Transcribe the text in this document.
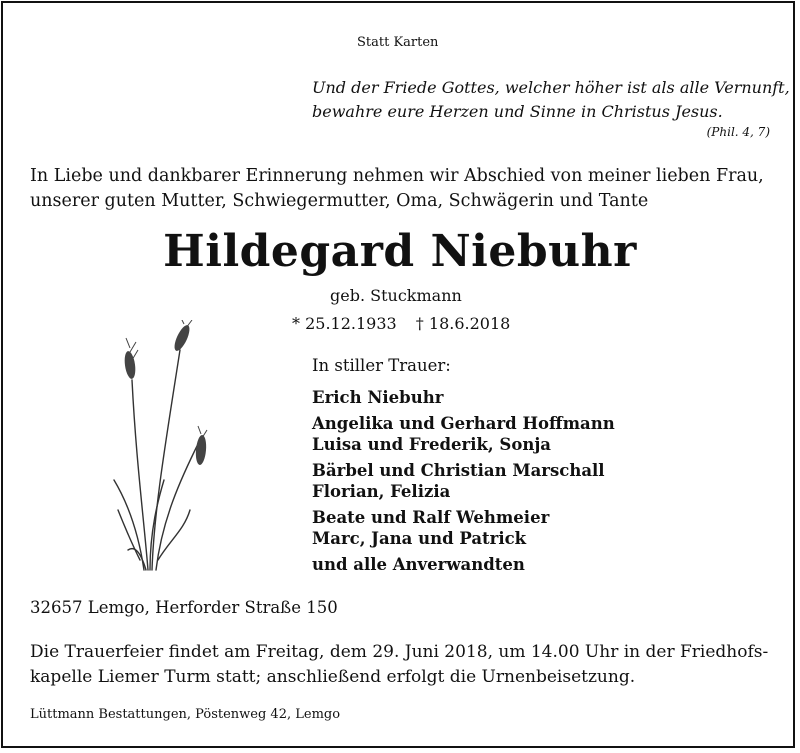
Statt Karten
Und der Friede Gottes, welcher höher ist als alle Vernunft,
bewahre eure Herzen und Sinne in Christus Jesus.
(Phil. 4, 7)
In Liebe und dankbarer Erinnerung nehmen wir Abschied von meiner lieben Frau,
unserer guten Mutter, Schwiegermutter, Oma, Schwägerin und Tante
Hildegard Niebuhr
geb. Stuckmann
* 25.12.1933 † 18.6.2018
In stiller Trauer:
Erich Niebuhr
Angelika und Gerhard Hoffmann
Luisa und Frederik, Sonja
Bärbel und Christian Marschall
Florian, Felizia
Beate und Ralf Wehmeier
Marc, Jana und Patrick
und alle Anverwandten
32657 Lemgo, Herforder Straße 150
Die Trauerfeier findet am Freitag, dem 29. Juni 2018, um 14.00 Uhr in der Friedhofs-
kapelle Liemer Turm statt; anschließend erfolgt die Urnenbeisetzung.
Lüttmann Bestattungen, Pöstenweg 42, Lemgo
